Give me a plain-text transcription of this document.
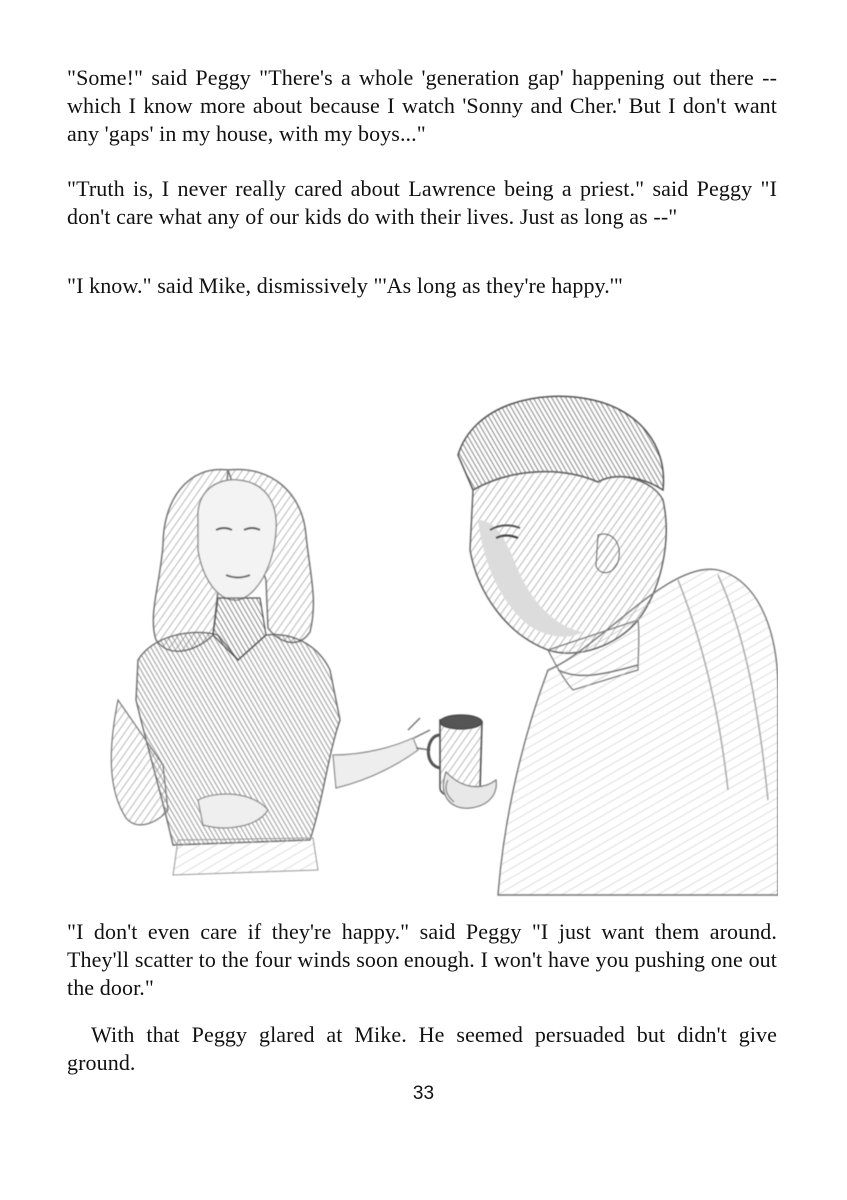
"Some!" said Peggy "There's a whole 'generation gap' happening out there -- which I know more about because I watch 'Sonny and Cher.' But I don't want any 'gaps' in my house, with my boys..."

"Truth is, I never really cared about Lawrence being a priest." said Peggy "I don't care what any of our kids do with their lives. Just as long as --"

"I know." said Mike, dismissively "'As long as they're happy.'"

"I don't even care if they're happy." said Peggy "I just want them around. They'll scatter to the four winds soon enough. I won't have you pushing one out the door."

With that Peggy glared at Mike. He seemed persuaded but didn't give ground.

33
